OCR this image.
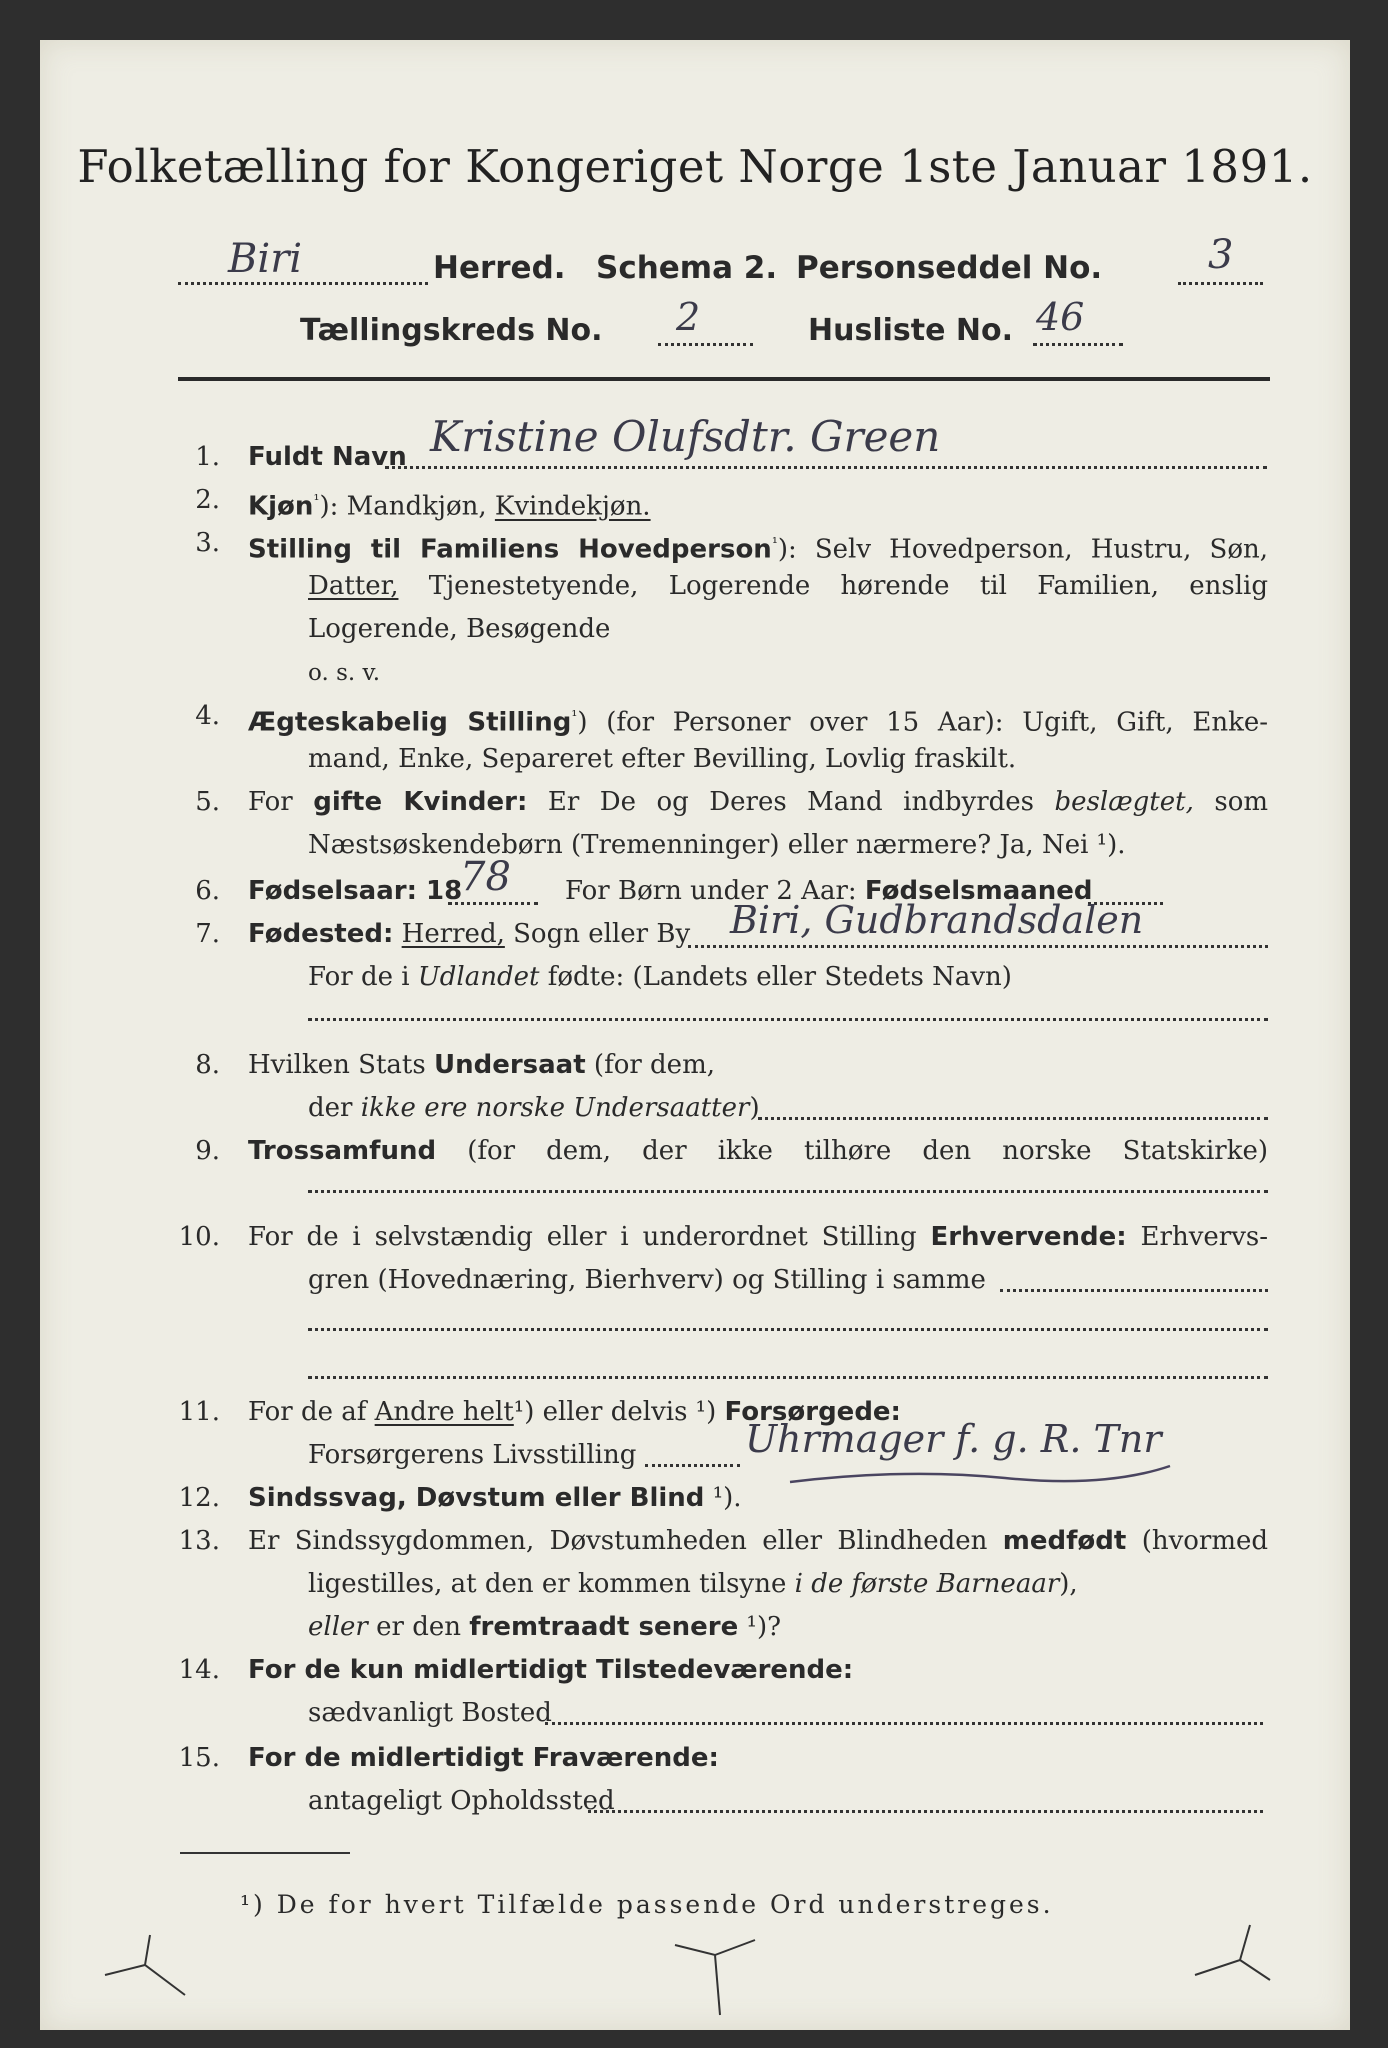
Folketælling for Kongeriget Norge 1ste Januar 1891.
Biri	Herred. Schema 2. Personseddel No.	3
Tællingskreds No. 2	Husliste No. 46
1. Fuldt Navn Kristine Olufsdtr. Green
2. Kjøn$^{^1}$): Mandkjøn, Kvindekjøn.
3. Stilling til Familiens Hovedperson$^{^1}$): Selv Hovedperson, Hustru, Søn,
Datter, Tjenestetyende, Logerende hørende til Familien, enslig
Logerende, Besøgende
o. s. v.
4. Ægteskabelig Stilling$^{^1}$) (for Personer over 15 Aar): Ugift, Gift, Enke-
mand, Enke, Separeret efter Bevilling, Lovlig fraskilt.
5. For gifte Kvinder: Er De og Deres Mand indbyrdes beslægtet, som
Næstsøskendebørn (Tremenninger) eller nærmere? Ja, Nei ¹).
6. Fødselsaar: 18
78 For Børn under 2 Aar: Fødselsmaaned
7. Fødested: Herred, Sogn eller By Biri, Gudbrandsdalen
For de i Udlandet fødte: (Landets eller Stedets Navn)
8. Hvilken Stats Undersaat (for dem,
der ikke ere norske Undersaatter)
9. Trossamfund (for dem, der ikke tilhøre den norske Statskirke)
10. For de i selvstændig eller i underordnet Stilling Erhvervende: Erhvervs-
gren (Hovednæring, Bierhverv) og Stilling i samme
11. For de af Andre helt¹) eller delvis ¹) Forsørgede:
Forsørgerens Livsstilling	Uhrmager f. g. R. Tnr
12. Sindssvag, Døvstum eller Blind ¹).
13. Er Sindssygdommen, Døvstumheden eller Blindheden medfødt (hvormed
ligestilles, at den er kommen tilsyne i de første Barneaar),
eller er den fremtraadt senere ¹)?
14. For de kun midlertidigt Tilstedeværende:
sædvanligt Bosted
15. For de midlertidigt Fraværende:
antageligt Opholdssted
¹) De for hvert Tilfælde passende Ord understreges.
